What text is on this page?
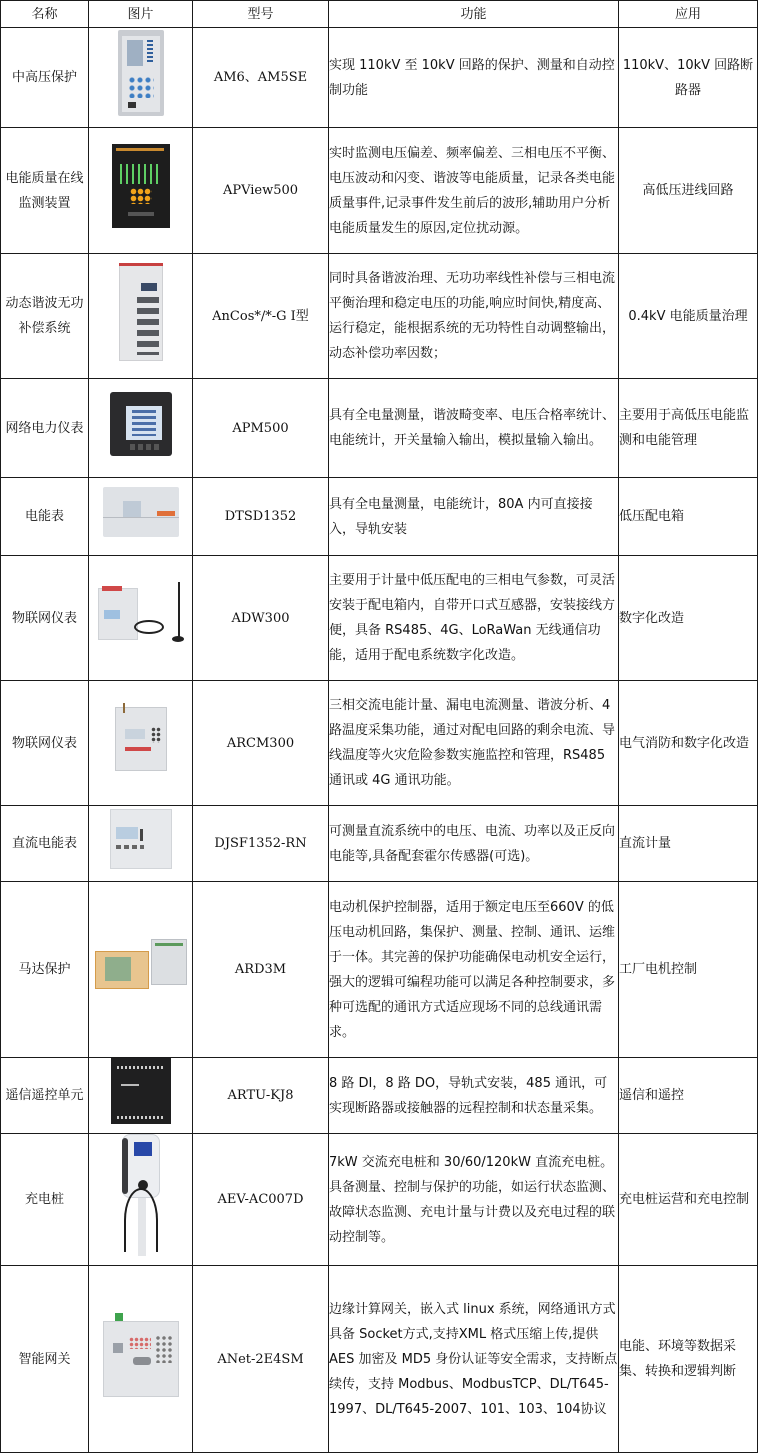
名称	图片	型号	功能	应用
中高压保护		AM6、AM5SE	实现 110kV 至 10kV 回路的保护、测量和自动控制功能	110kV、10kV 回路断路器
电能质量在线监测装置		APView500	实时监测电压偏差、频率偏差、三相电压不平衡、电压波动和闪变、谐波等电能质量，记录各类电能质量事件,记录事件发生前后的波形,辅助用户分析电能质量发生的原因,定位扰动源。	高低压进线回路
动态谐波无功补偿系统		AnCos*/*-G Ⅰ型	同时具备谐波治理、无功功率线性补偿与三相电流平衡治理和稳定电压的功能,响应时间快,精度高、运行稳定，能根据系统的无功特性自动调整输出，动态补偿功率因数；	0.4kV 电能质量治理
网络电力仪表		APM500	具有全电量测量，谐波畸变率、电压合格率统计、电能统计，开关量输入输出，模拟量输入输出。	主要用于高低压电能监测和电能管理
电能表		DTSD1352	具有全电量测量，电能统计，80A 内可直接接入，导轨安装	低压配电箱
物联网仪表		ADW300	主要用于计量中低压配电的三相电气参数，可灵活安装于配电箱内，自带开口式互感器，安装接线方便，具备 RS485、4G、LoRaWan 无线通信功能，适用于配电系统数字化改造。	数字化改造
物联网仪表		ARCM300	三相交流电能计量、漏电电流测量、谐波分析、4 路温度采集功能，通过对配电回路的剩余电流、导线温度等火灾危险参数实施监控和管理，RS485 通讯或 4G 通讯功能。	电气消防和数字化改造
直流电能表		DJSF1352-RN	可测量直流系统中的电压、电流、功率以及正反向电能等,具备配套霍尔传感器(可选)。	直流计量
马达保护		ARD3M	电动机保护控制器，适用于额定电压至660V 的低压电动机回路，集保护、测量、控制、通讯、运维于一体。其完善的保护功能确保电动机安全运行，强大的逻辑可编程功能可以满足各种控制要求，多种可选配的通讯方式适应现场不同的总线通讯需求。	工厂电机控制
遥信遥控单元		ARTU-KJ8	8 路 DI，8 路 DO，导轨式安装，485 通讯，可实现断路器或接触器的远程控制和状态量采集。	遥信和遥控
充电桩		AEV-AC007D	7kW 交流充电桩和 30/60/120kW 直流充电桩。具备测量、控制与保护的功能，如运行状态监测、故障状态监测、充电计量与计费以及充电过程的联动控制等。	充电桩运营和充电控制
智能网关		ANet-2E4SM	边缘计算网关，嵌入式 linux 系统，网络通讯方式具备 Socket方式,支持XML 格式压缩上传,提供 AES 加密及 MD5 身份认证等安全需求，支持断点续传，支持 Modbus、ModbusTCP、DL/T645-1997、DL/T645-2007、101、103、104协议	电能、环境等数据采集、转换和逻辑判断
